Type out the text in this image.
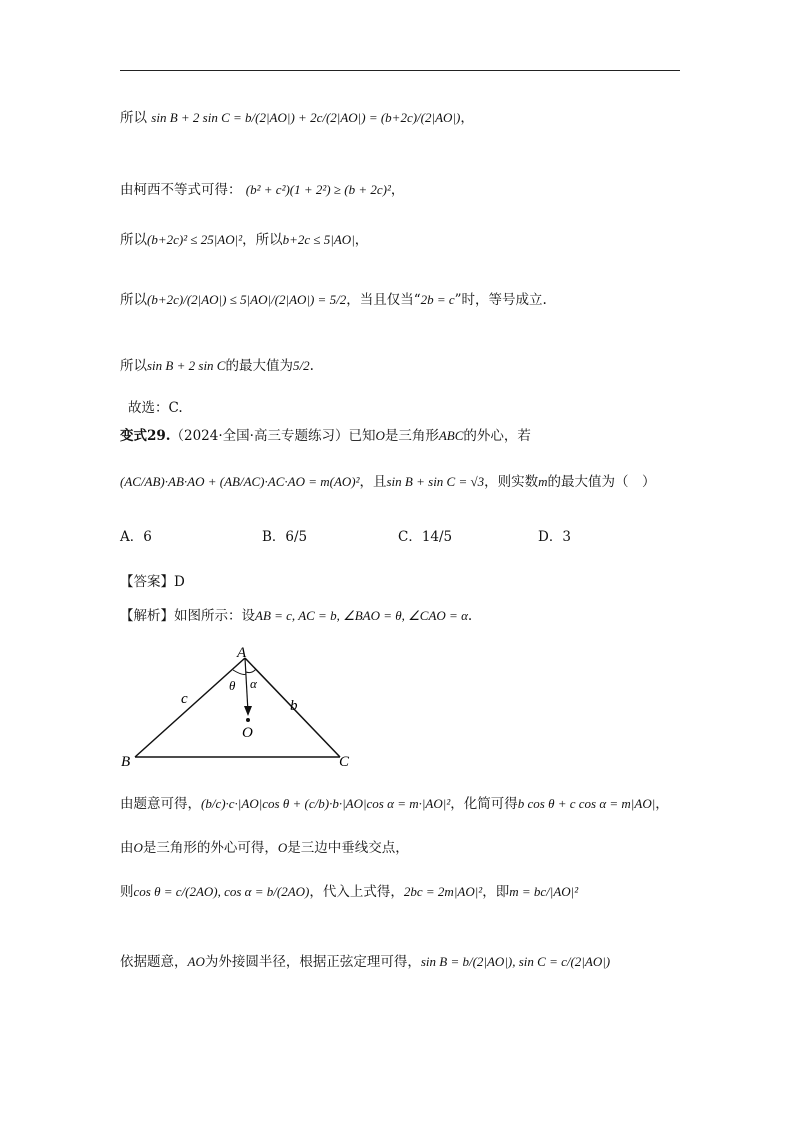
所以 sin B + 2 sin C = b/(2|AO|) + 2c/(2|AO|) = (b+2c)/(2|AO|)，
由柯西不等式可得： (b² + c²)(1 + 2²) ≥ (b + 2c)²，
所以(b+2c)² ≤ 25|AO|²，所以b+2c ≤ 5|AO|，
所以(b+2c)/(2|AO|) ≤ 5|AO|/(2|AO|) = 5/2，当且仅当“2b = c”时，等号成立.
所以sin B + 2 sin C的最大值为5/2.
故选：C.
变式29.（2024·全国·高三专题练习）已知O是三角形ABC的外心，若
(AC/AB)·AB·AO + (AB/AC)·AC·AO = m(AO)²，且sin B + sin C = √3，则实数m的最大值为（　）
A．6	B．6/5	C．14/5	D．3
【答案】D
【解析】如图所示：设AB = c, AC = b, ∠BAO = θ, ∠CAO = α.
A
B	C
O
c	b
θ α
由题意可得，(b/c)·c·|AO|cos θ + (c/b)·b·|AO|cos α = m·|AO|²，化简可得b cos θ + c cos α = m|AO|，
由O是三角形的外心可得，O是三边中垂线交点，
则cos θ = c/(2AO), cos α = b/(2AO)，代入上式得，2bc = 2m|AO|²，即m = bc/|AO|²
依据题意，AO为外接圆半径，根据正弦定理可得，sin B = b/(2|AO|), sin C = c/(2|AO|)
